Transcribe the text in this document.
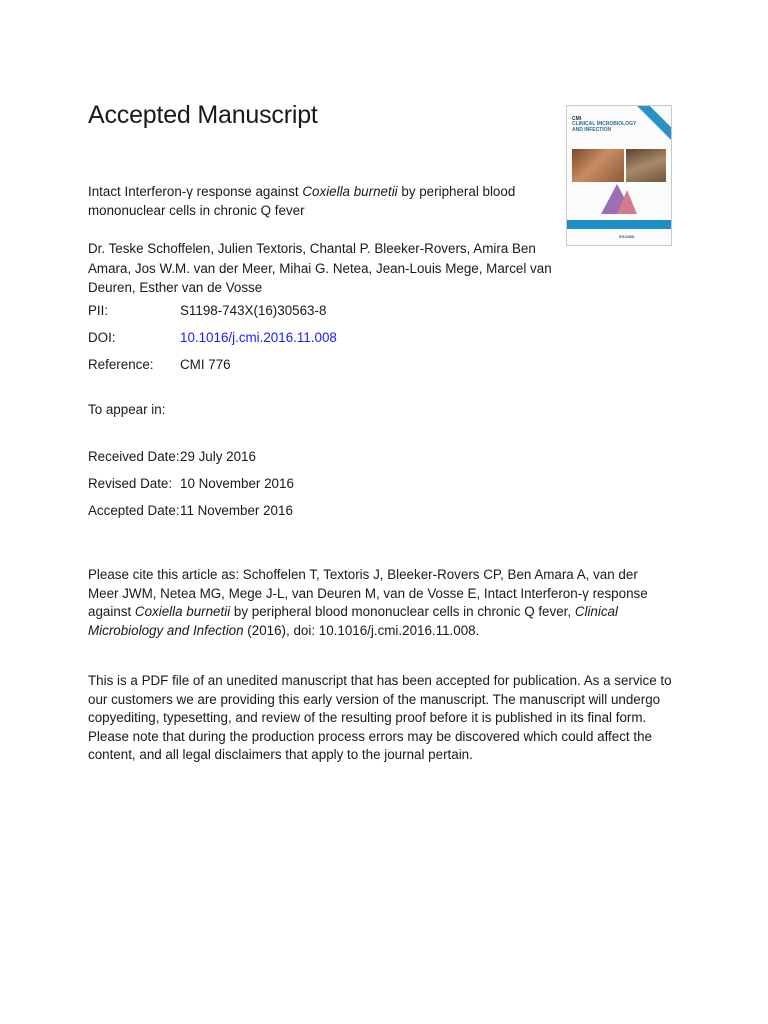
Accepted Manuscript

Intact Interferon-γ response against Coxiella burnetii by peripheral blood mononuclear cells in chronic Q fever

Dr. Teske Schoffelen, Julien Textoris, Chantal P. Bleeker-Rovers, Amira Ben Amara, Jos W.M. van der Meer, Mihai G. Netea, Jean-Louis Mege, Marcel van Deuren, Esther van de Vosse

PII:	S1198-743X(16)30563-8
DOI:	10.1016/j.cmi.2016.11.008
Reference: CMI 776
To appear in:
Received Date:29 July 2016
Revised Date: 10 November 2016
Accepted Date:11 November 2016

Please cite this article as: Schoffelen T, Textoris J, Bleeker-Rovers CP, Ben Amara A, van der Meer JWM, Netea MG, Mege J-L, van Deuren M, van de Vosse E, Intact Interferon-γ response against Coxiella burnetii by peripheral blood mononuclear cells in chronic Q fever, Clinical Microbiology and Infection (2016), doi: 10.1016/j.cmi.2016.11.008.

This is a PDF file of an unedited manuscript that has been accepted for publication. As a service to our customers we are providing this early version of the manuscript. The manuscript will undergo copyediting, typesetting, and review of the resulting proof before it is published in its final form. Please note that during the production process errors may be discovered which could affect the content, and all legal disclaimers that apply to the journal pertain.

CMI
CLINICAL MICROBIOLOGY AND INFECTION
ESCMID
